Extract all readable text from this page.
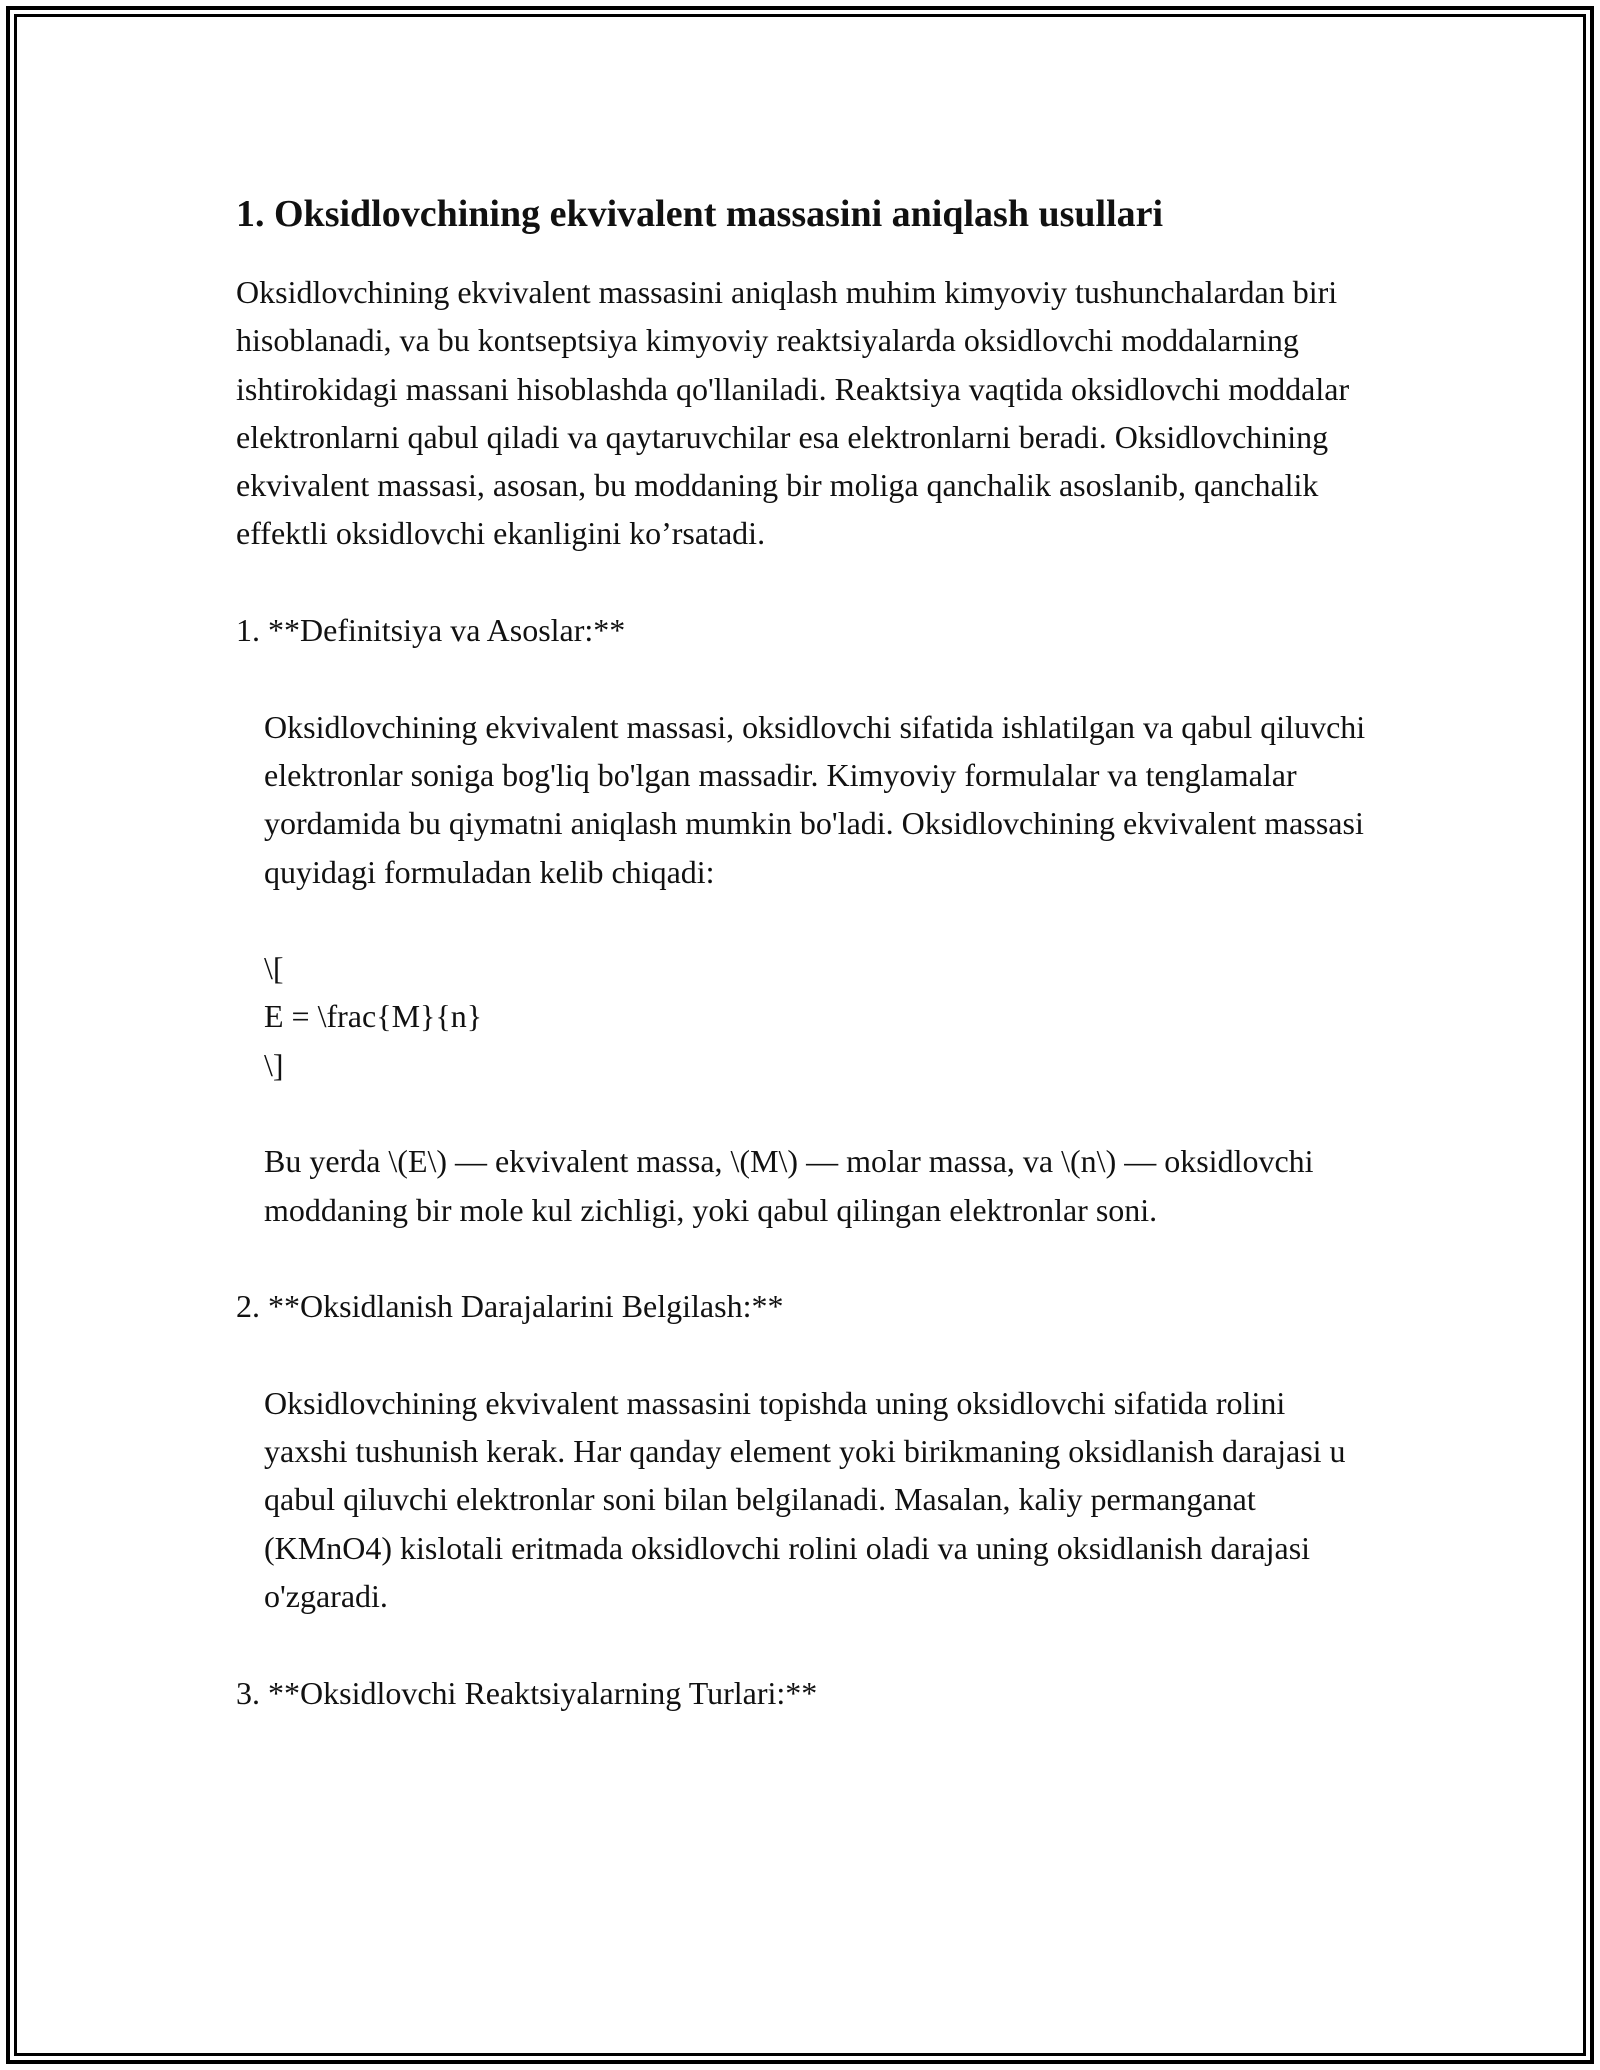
1. Oksidlovchining ekvivalent massasini aniqlash usullari

Oksidlovchining ekvivalent massasini aniqlash muhim kimyoviy tushunchalardan biri hisoblanadi, va bu kontseptsiya kimyoviy reaktsiyalarda oksidlovchi moddalarning ishtirokidagi massani hisoblashda qo'llaniladi. Reaktsiya vaqtida oksidlovchi moddalar elektronlarni qabul qiladi va qaytaruvchilar esa elektronlarni beradi. Oksidlovchining ekvivalent massasi, asosan, bu moddaning bir moliga qanchalik asoslanib, qanchalik effektli oksidlovchi ekanligini ko’rsatadi.

1. **Definitsiya va Asoslar:**

Oksidlovchining ekvivalent massasi, oksidlovchi sifatida ishlatilgan va qabul qiluvchi elektronlar soniga bog'liq bo'lgan massadir. Kimyoviy formulalar va tenglamalar yordamida bu qiymatni aniqlash mumkin bo'ladi. Oksidlovchining ekvivalent massasi quyidagi formuladan kelib chiqadi:

\[

E = \frac{M}{n}

\]

Bu yerda \(E\) — ekvivalent massa, \(M\) — molar massa, va \(n\) — oksidlovchi moddaning bir mole kul zichligi, yoki qabul qilingan elektronlar soni.

2. **Oksidlanish Darajalarini Belgilash:**

Oksidlovchining ekvivalent massasini topishda uning oksidlovchi sifatida rolini yaxshi tushunish kerak. Har qanday element yoki birikmaning oksidlanish darajasi u qabul qiluvchi elektronlar soni bilan belgilanadi. Masalan, kaliy permanganat (KMnO4) kislotali eritmada oksidlovchi rolini oladi va uning oksidlanish darajasi o'zgaradi.

3. **Oksidlovchi Reaktsiyalarning Turlari:**
